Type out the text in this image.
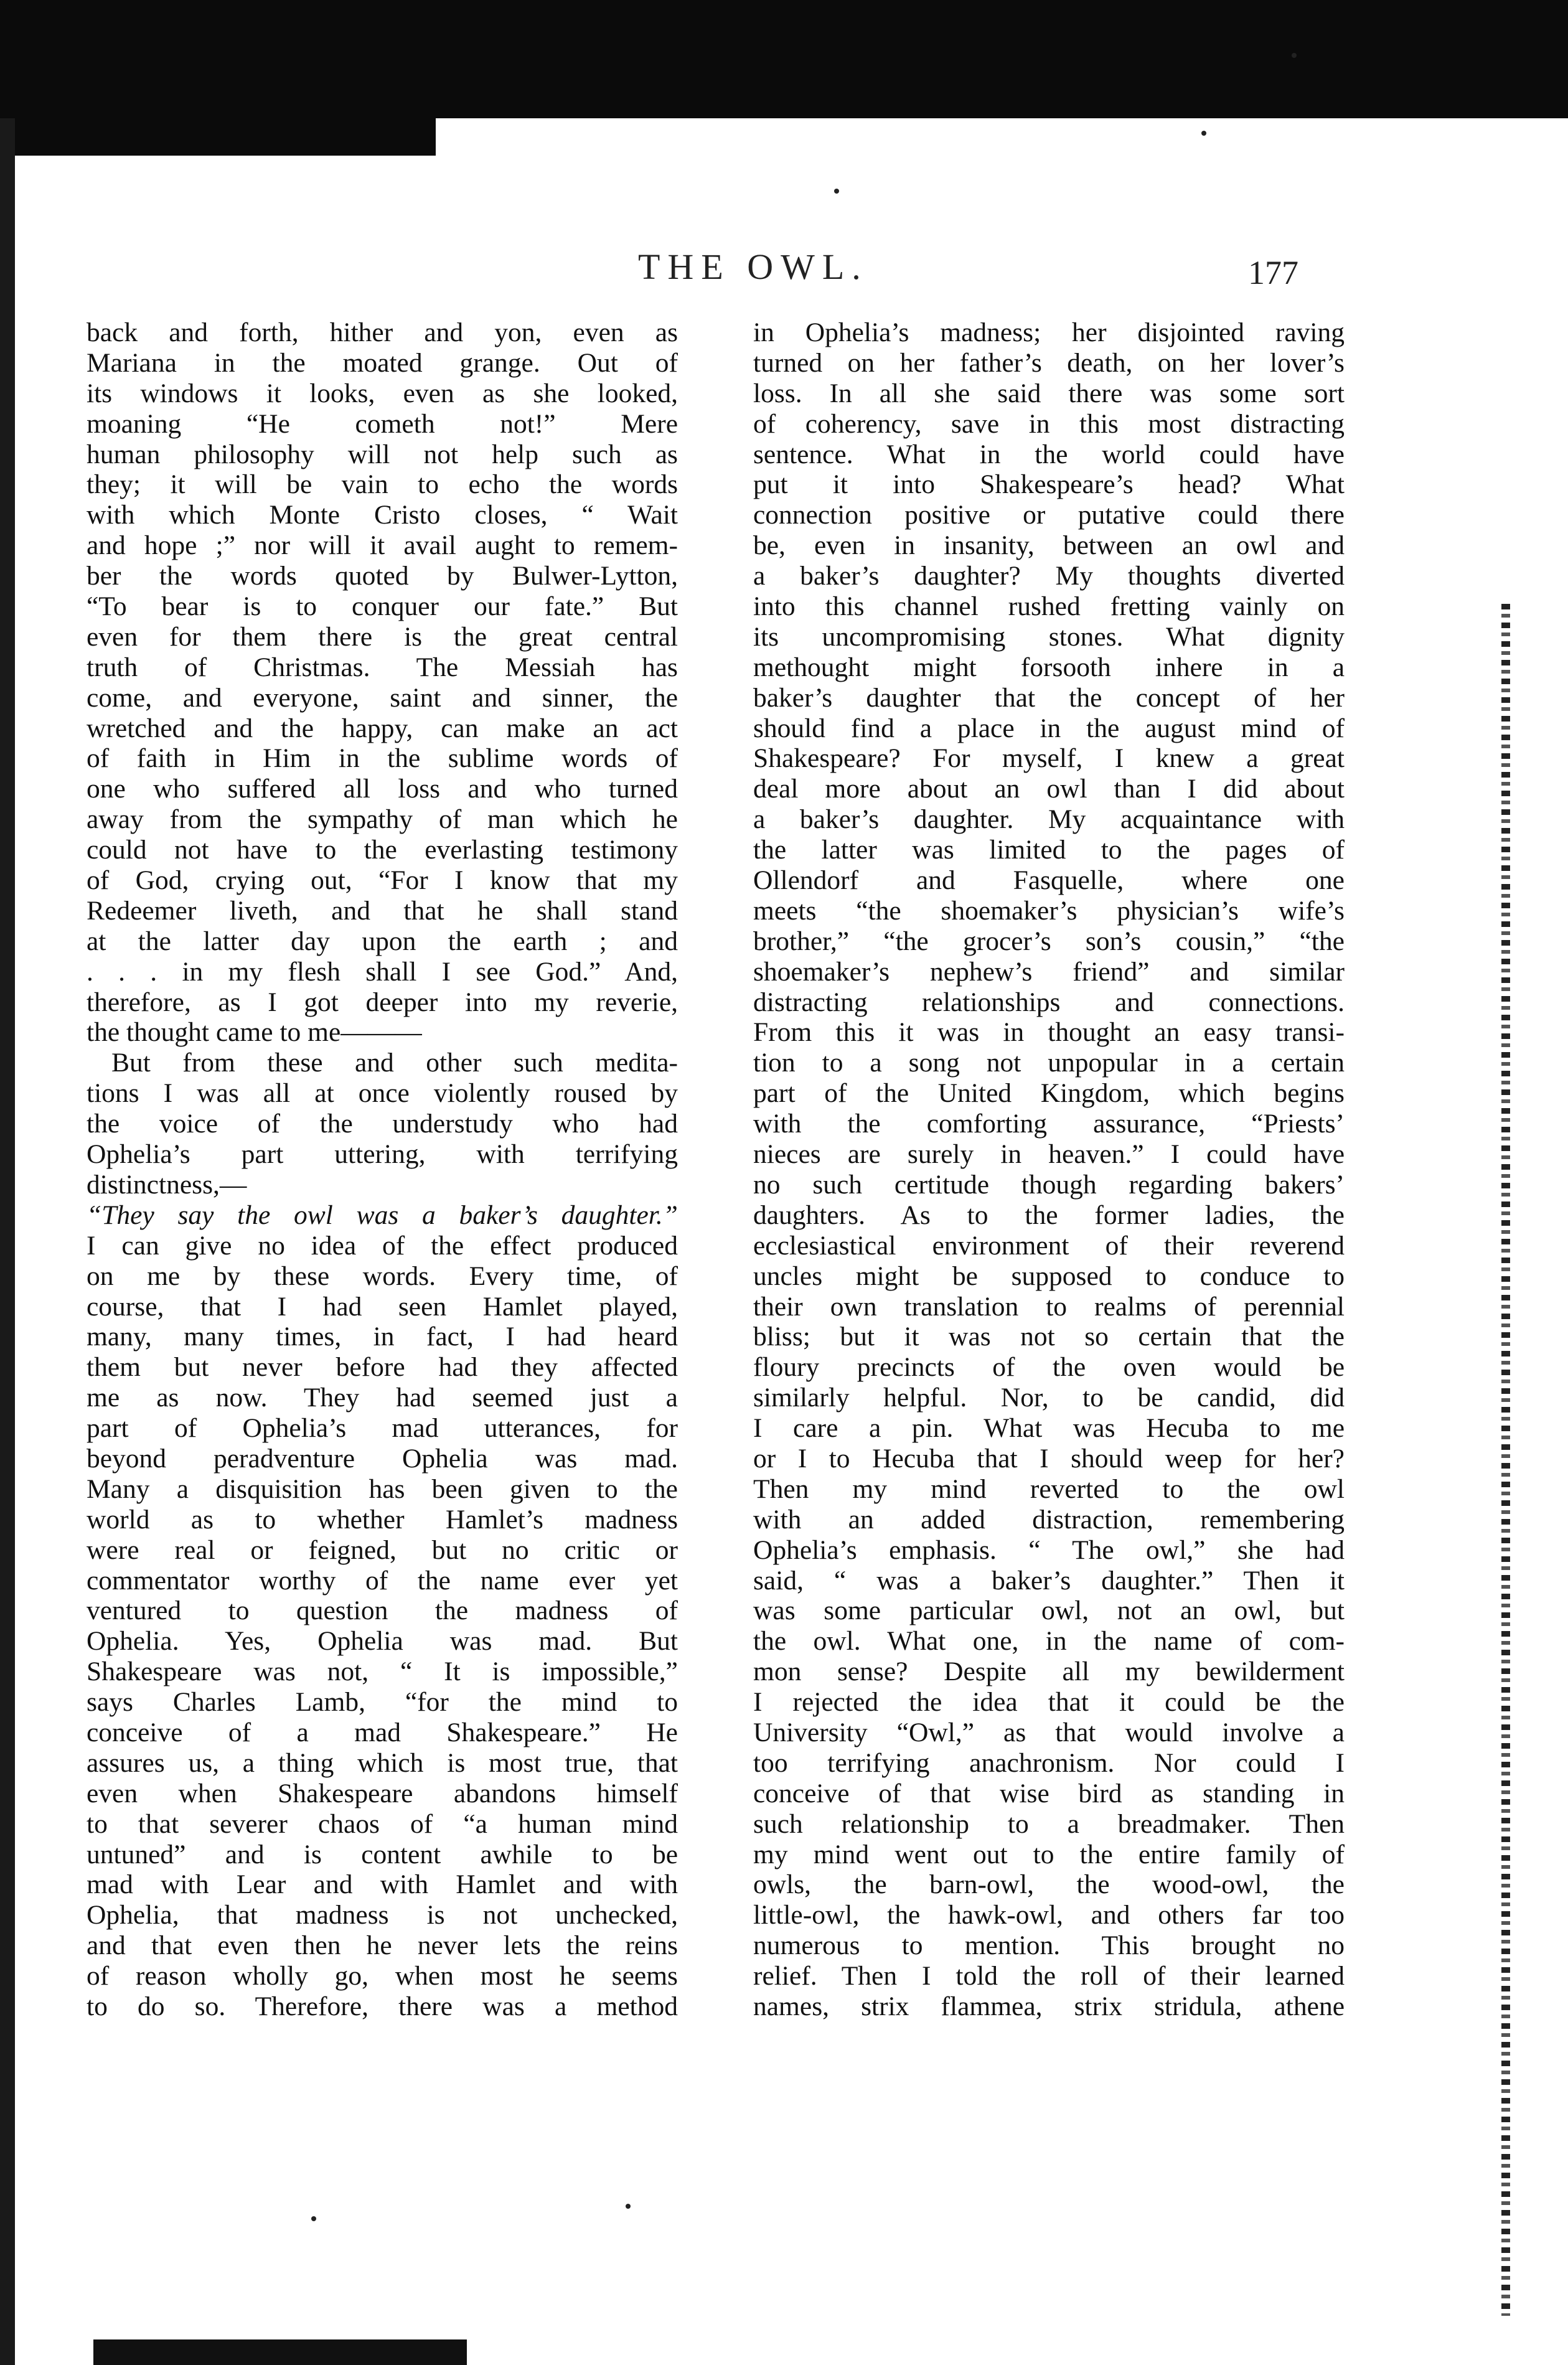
THE OWL.	177
back and forth, hither and yon, even as
Mariana in the moated grange. Out of
its windows it looks, even as she looked,
moaning “He cometh not!” Mere
human philosophy will not help such as
they; it will be vain to echo the words
with which Monte Cristo closes, “ Wait
and hope ;” nor will it avail aught to remem-
ber the words quoted by Bulwer-Lytton,
“To bear is to conquer our fate.” But
even for them there is the great central
truth of Christmas. The Messiah has
come, and everyone, saint and sinner, the
wretched and the happy, can make an act
of faith in Him in the sublime words of
one who suffered all loss and who turned
away from the sympathy of man which he
could not have to the everlasting testimony
of God, crying out, “For I know that my
Redeemer liveth, and that he shall stand
at the latter day upon the earth ; and
. . . in my flesh shall I see God.” And,
therefore, as I got deeper into my reverie,
the thought came to me———
But from these and other such medita-
tions I was all at once violently roused by
the voice of the understudy who had
Ophelia’s part uttering, with terrifying
distinctness,—
“They say the owl was a baker’s daughter.”
I can give no idea of the effect produced
on me by these words. Every time, of
course, that I had seen Hamlet played,
many, many times, in fact, I had heard
them but never before had they affected
me as now. They had seemed just a
part of Ophelia’s mad utterances, for
beyond peradventure Ophelia was mad.
Many a disquisition has been given to the
world as to whether Hamlet’s madness
were real or feigned, but no critic or
commentator worthy of the name ever yet
ventured to question the madness of
Ophelia. Yes, Ophelia was mad. But
Shakespeare was not, “ It is impossible,”
says Charles Lamb, “for the mind to
conceive of a mad Shakespeare.” He
assures us, a thing which is most true, that
even when Shakespeare abandons himself
to that severer chaos of “a human mind
untuned” and is content awhile to be
mad with Lear and with Hamlet and with
Ophelia, that madness is not unchecked,
and that even then he never lets the reins
of reason wholly go, when most he seems
to do so. Therefore, there was a method
in Ophelia’s madness; her disjointed raving
turned on her father’s death, on her lover’s
loss. In all she said there was some sort
of coherency, save in this most distracting
sentence. What in the world could have
put it into Shakespeare’s head? What
connection positive or putative could there
be, even in insanity, between an owl and
a baker’s daughter? My thoughts diverted
into this channel rushed fretting vainly on
its uncompromising stones. What dignity
methought might forsooth inhere in a
baker’s daughter that the concept of her
should find a place in the august mind of
Shakespeare? For myself, I knew a great
deal more about an owl than I did about
a baker’s daughter. My acquaintance with
the latter was limited to the pages of
Ollendorf and Fasquelle, where one
meets “the shoemaker’s physician’s wife’s
brother,” “the grocer’s son’s cousin,” “the
shoemaker’s nephew’s friend” and similar
distracting relationships and connections.
From this it was in thought an easy transi-
tion to a song not unpopular in a certain
part of the United Kingdom, which begins
with the comforting assurance, “Priests’
nieces are surely in heaven.” I could have
no such certitude though regarding bakers’
daughters. As to the former ladies, the
ecclesiastical environment of their reverend
uncles might be supposed to conduce to
their own translation to realms of perennial
bliss; but it was not so certain that the
floury precincts of the oven would be
similarly helpful. Nor, to be candid, did
I care a pin. What was Hecuba to me
or I to Hecuba that I should weep for her?
Then my mind reverted to the owl
with an added distraction, remembering
Ophelia’s emphasis. “ The owl,” she had
said, “ was a baker’s daughter.” Then it
was some particular owl, not an owl, but
the owl. What one, in the name of com-
mon sense? Despite all my bewilderment
I rejected the idea that it could be the
University “Owl,” as that would involve a
too terrifying anachronism. Nor could I
conceive of that wise bird as standing in
such relationship to a breadmaker. Then
my mind went out to the entire family of
owls, the barn-owl, the wood-owl, the
little-owl, the hawk-owl, and others far too
numerous to mention. This brought no
relief. Then I told the roll of their learned
names, strix flammea, strix stridula, athene
